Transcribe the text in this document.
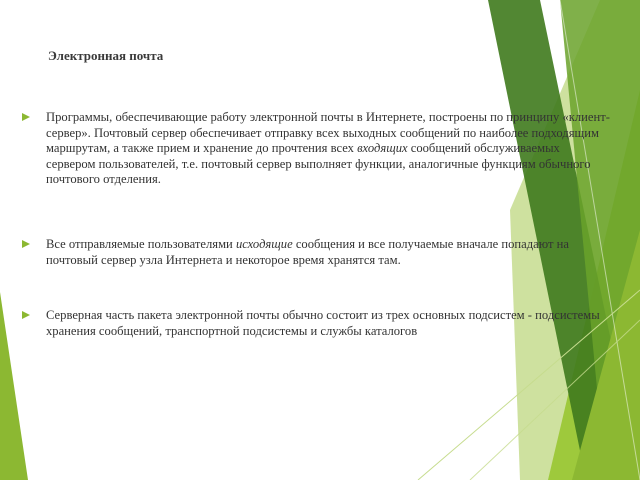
Электронная почта
Программы, обеспечивающие работу электронной почты в Интернете, построены по принципу «клиент-сервер». Почтовый сервер обеспечивает отправку всех выходных сообщений по наиболее подходящим маршрутам, а также прием и хранение до прочтения всех входящих сообщений обслуживаемых сервером пользователей, т.е. почтовый сервер выполняет функции, аналогичные функциям обычного почтового отделения.
Все отправляемые пользователями исходящие сообщения и все получаемые вначале попадают на почтовый сервер узла Интернета и некоторое время хранятся там.
Серверная часть пакета электронной почты обычно состоит из трех основных подсистем - подсистемы хранения сообщений, транспортной подсистемы и службы каталогов
